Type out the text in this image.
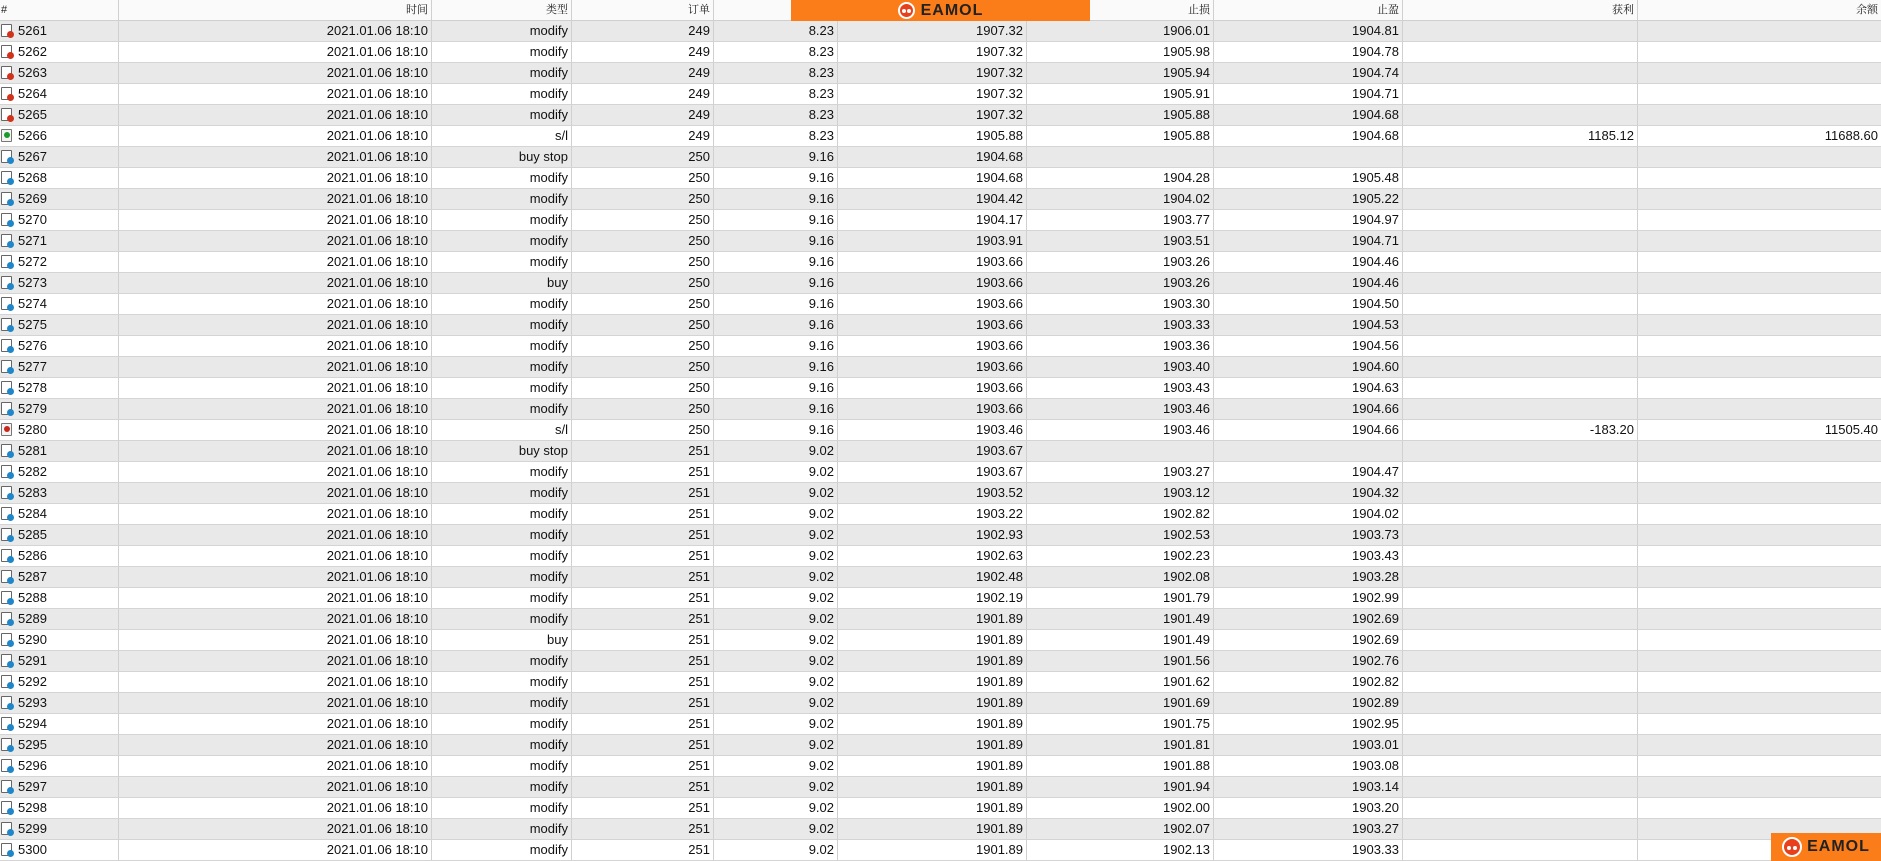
#	时间	类型	订单	止损	止盈	获利	余额
5261	2021.01.06 18:10	modify	249	8.23	1907.32	1906.01	1904.81
5262	2021.01.06 18:10	modify	249	8.23	1907.32	1905.98	1904.78
5263	2021.01.06 18:10	modify	249	8.23	1907.32	1905.94	1904.74
5264	2021.01.06 18:10	modify	249	8.23	1907.32	1905.91	1904.71
5265	2021.01.06 18:10	modify	249	8.23	1907.32	1905.88	1904.68
5266	2021.01.06 18:10	s/l	249	8.23	1905.88	1905.88	1904.68	1185.12	11688.60
5267	2021.01.06 18:10	buy stop	250	9.16	1904.68
5268	2021.01.06 18:10	modify	250	9.16	1904.68	1904.28	1905.48
5269	2021.01.06 18:10	modify	250	9.16	1904.42	1904.02	1905.22
5270	2021.01.06 18:10	modify	250	9.16	1904.17	1903.77	1904.97
5271	2021.01.06 18:10	modify	250	9.16	1903.91	1903.51	1904.71
5272	2021.01.06 18:10	modify	250	9.16	1903.66	1903.26	1904.46
5273	2021.01.06 18:10	buy	250	9.16	1903.66	1903.26	1904.46
5274	2021.01.06 18:10	modify	250	9.16	1903.66	1903.30	1904.50
5275	2021.01.06 18:10	modify	250	9.16	1903.66	1903.33	1904.53
5276	2021.01.06 18:10	modify	250	9.16	1903.66	1903.36	1904.56
5277	2021.01.06 18:10	modify	250	9.16	1903.66	1903.40	1904.60
5278	2021.01.06 18:10	modify	250	9.16	1903.66	1903.43	1904.63
5279	2021.01.06 18:10	modify	250	9.16	1903.66	1903.46	1904.66
5280	2021.01.06 18:10	s/l	250	9.16	1903.46	1903.46	1904.66	-183.20	11505.40
5281	2021.01.06 18:10	buy stop	251	9.02	1903.67
5282	2021.01.06 18:10	modify	251	9.02	1903.67	1903.27	1904.47
5283	2021.01.06 18:10	modify	251	9.02	1903.52	1903.12	1904.32
5284	2021.01.06 18:10	modify	251	9.02	1903.22	1902.82	1904.02
5285	2021.01.06 18:10	modify	251	9.02	1902.93	1902.53	1903.73
5286	2021.01.06 18:10	modify	251	9.02	1902.63	1902.23	1903.43
5287	2021.01.06 18:10	modify	251	9.02	1902.48	1902.08	1903.28
5288	2021.01.06 18:10	modify	251	9.02	1902.19	1901.79	1902.99
5289	2021.01.06 18:10	modify	251	9.02	1901.89	1901.49	1902.69
5290	2021.01.06 18:10	buy	251	9.02	1901.89	1901.49	1902.69
5291	2021.01.06 18:10	modify	251	9.02	1901.89	1901.56	1902.76
5292	2021.01.06 18:10	modify	251	9.02	1901.89	1901.62	1902.82
5293	2021.01.06 18:10	modify	251	9.02	1901.89	1901.69	1902.89
5294	2021.01.06 18:10	modify	251	9.02	1901.89	1901.75	1902.95
5295	2021.01.06 18:10	modify	251	9.02	1901.89	1901.81	1903.01
5296	2021.01.06 18:10	modify	251	9.02	1901.89	1901.88	1903.08
5297	2021.01.06 18:10	modify	251	9.02	1901.89	1901.94	1903.14
5298	2021.01.06 18:10	modify	251	9.02	1901.89	1902.00	1903.20
5299	2021.01.06 18:10	modify	251	9.02	1901.89	1902.07	1903.27
5300	2021.01.06 18:10	modify	251	9.02	1901.89	1902.13	1903.33
EAMOL
EAMOL
